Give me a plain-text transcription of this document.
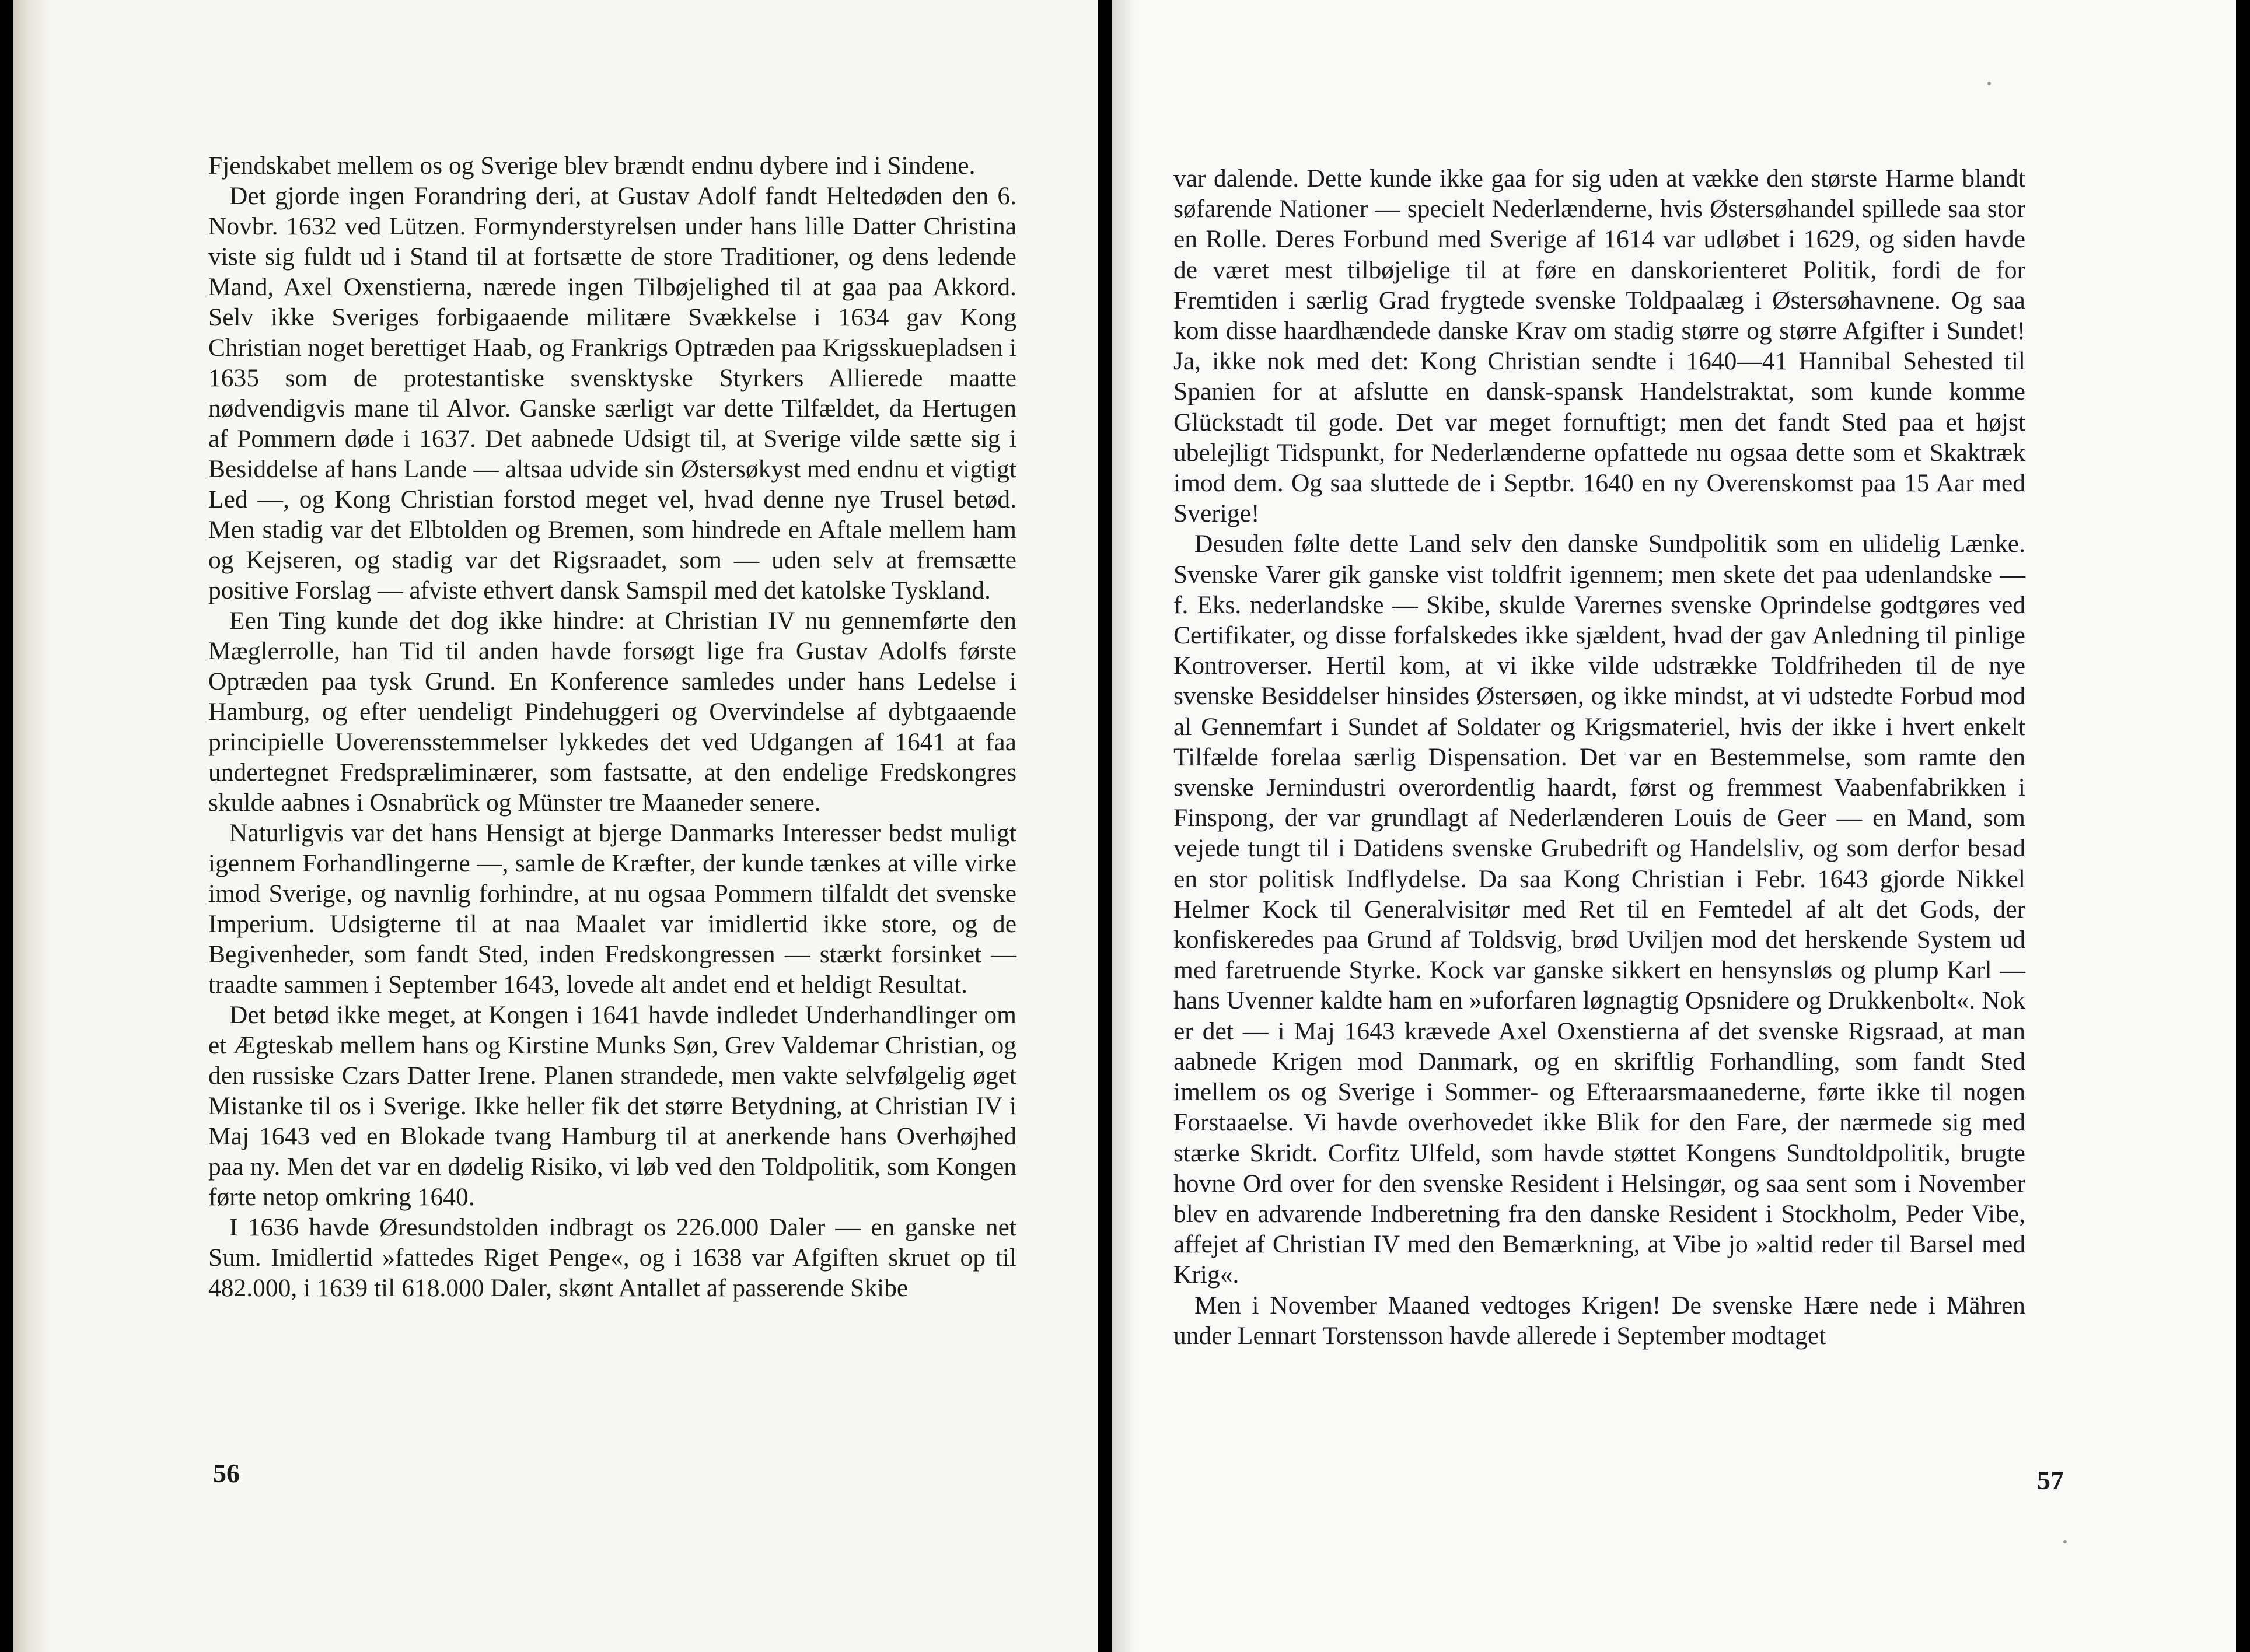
Fjendskabet mellem os og Sverige blev brændt endnu dybere ind i Sindene.

Det gjorde ingen Forandring deri, at Gustav Adolf fandt Heltedøden den 6. Novbr. 1632 ved Lützen. Formynderstyrelsen under hans lille Datter Christina viste sig fuldt ud i Stand til at fortsætte de store Traditioner, og dens ledende Mand, Axel Oxenstierna, nærede ingen Tilbøjelighed til at gaa paa Akkord. Selv ikke Sveriges forbigaaende militære Svækkelse i 1634 gav Kong Christian noget berettiget Haab, og Frankrigs Optræden paa Krigsskuepladsen i 1635 som de protestantiske svensktyske Styrkers Allierede maatte nødvendigvis mane til Alvor. Ganske særligt var dette Tilfældet, da Hertugen af Pommern døde i 1637. Det aabnede Udsigt til, at Sverige vilde sætte sig i Besiddelse af hans Lande — altsaa udvide sin Østersøkyst med endnu et vigtigt Led —, og Kong Christian forstod meget vel, hvad denne nye Trusel betød. Men stadig var det Elbtolden og Bremen, som hindrede en Aftale mellem ham og Kejseren, og stadig var det Rigsraadet, som — uden selv at fremsætte positive Forslag — afviste ethvert dansk Samspil med det katolske Tyskland.

Een Ting kunde det dog ikke hindre: at Christian IV nu gennemførte den Mæglerrolle, han Tid til anden havde forsøgt lige fra Gustav Adolfs første Optræden paa tysk Grund. En Konference samledes under hans Ledelse i Hamburg, og efter uendeligt Pindehuggeri og Overvindelse af dybtgaaende principielle Uoverensstemmelser lykkedes det ved Udgangen af 1641 at faa undertegnet Fredspræliminærer, som fastsatte, at den endelige Fredskongres skulde aabnes i Osnabrück og Münster tre Maaneder senere.

Naturligvis var det hans Hensigt at bjerge Danmarks Interesser bedst muligt igennem Forhandlingerne —, samle de Kræfter, der kunde tænkes at ville virke imod Sverige, og navnlig forhindre, at nu ogsaa Pommern tilfaldt det svenske Imperium. Udsigterne til at naa Maalet var imidlertid ikke store, og de Begivenheder, som fandt Sted, inden Fredskongressen — stærkt forsinket — traadte sammen i September 1643, lovede alt andet end et heldigt Resultat.

Det betød ikke meget, at Kongen i 1641 havde indledet Underhandlinger om et Ægteskab mellem hans og Kirstine Munks Søn, Grev Valdemar Christian, og den russiske Czars Datter Irene. Planen strandede, men vakte selvfølgelig øget Mistanke til os i Sverige. Ikke heller fik det større Betydning, at Christian IV i Maj 1643 ved en Blokade tvang Hamburg til at anerkende hans Overhøjhed paa ny. Men det var en dødelig Risiko, vi løb ved den Toldpolitik, som Kongen førte netop omkring 1640.

I 1636 havde Øresundstolden indbragt os 226.000 Daler — en ganske net Sum. Imidlertid »fattedes Riget Penge«, og i 1638 var Afgiften skruet op til 482.000, i 1639 til 618.000 Daler, skønt Antallet af passerende Skibe

56

var dalende. Dette kunde ikke gaa for sig uden at vække den største Harme blandt søfarende Nationer — specielt Nederlænderne, hvis Østersøhandel spillede saa stor en Rolle. Deres Forbund med Sverige af 1614 var udløbet i 1629, og siden havde de været mest tilbøjelige til at føre en danskorienteret Politik, fordi de for Fremtiden i særlig Grad frygtede svenske Toldpaalæg i Østersøhavnene. Og saa kom disse haardhændede danske Krav om stadig større og større Afgifter i Sundet! Ja, ikke nok med det: Kong Christian sendte i 1640—41 Hannibal Sehested til Spanien for at afslutte en dansk-spansk Handelstraktat, som kunde komme Glückstadt til gode. Det var meget fornuftigt; men det fandt Sted paa et højst ubelejligt Tidspunkt, for Nederlænderne opfattede nu ogsaa dette som et Skaktræk imod dem. Og saa sluttede de i Septbr. 1640 en ny Overenskomst paa 15 Aar med Sverige!

Desuden følte dette Land selv den danske Sundpolitik som en ulidelig Lænke. Svenske Varer gik ganske vist toldfrit igennem; men skete det paa udenlandske — f. Eks. nederlandske — Skibe, skulde Varernes svenske Oprindelse godtgøres ved Certifikater, og disse forfalskedes ikke sjældent, hvad der gav Anledning til pinlige Kontroverser. Hertil kom, at vi ikke vilde udstrække Toldfriheden til de nye svenske Besiddelser hinsides Østersøen, og ikke mindst, at vi udstedte Forbud mod al Gennemfart i Sundet af Soldater og Krigsmateriel, hvis der ikke i hvert enkelt Tilfælde forelaa særlig Dispensation. Det var en Bestemmelse, som ramte den svenske Jernindustri overordentlig haardt, først og fremmest Vaabenfabrikken i Finspong, der var grundlagt af Nederlænderen Louis de Geer — en Mand, som vejede tungt til i Datidens svenske Grubedrift og Handelsliv, og som derfor besad en stor politisk Indflydelse. Da saa Kong Christian i Febr. 1643 gjorde Nikkel Helmer Kock til Generalvisitør med Ret til en Femtedel af alt det Gods, der konfiskeredes paa Grund af Toldsvig, brød Uviljen mod det herskende System ud med faretruende Styrke. Kock var ganske sikkert en hensynsløs og plump Karl — hans Uvenner kaldte ham en »uforfaren løgnagtig Opsnidere og Drukkenbolt«. Nok er det — i Maj 1643 krævede Axel Oxenstierna af det svenske Rigsraad, at man aabnede Krigen mod Danmark, og en skriftlig Forhandling, som fandt Sted imellem os og Sverige i Sommer- og Efteraarsmaanederne, førte ikke til nogen Forstaaelse. Vi havde overhovedet ikke Blik for den Fare, der nærmede sig med stærke Skridt. Corfitz Ulfeld, som havde støttet Kongens Sundtoldpolitik, brugte hovne Ord over for den svenske Resident i Helsingør, og saa sent som i November blev en advarende Indberetning fra den danske Resident i Stockholm, Peder Vibe, affejet af Christian IV med den Bemærkning, at Vibe jo »altid reder til Barsel med Krig«.

Men i November Maaned vedtoges Krigen! De svenske Hære nede i Mähren under Lennart Torstensson havde allerede i September modtaget

57
